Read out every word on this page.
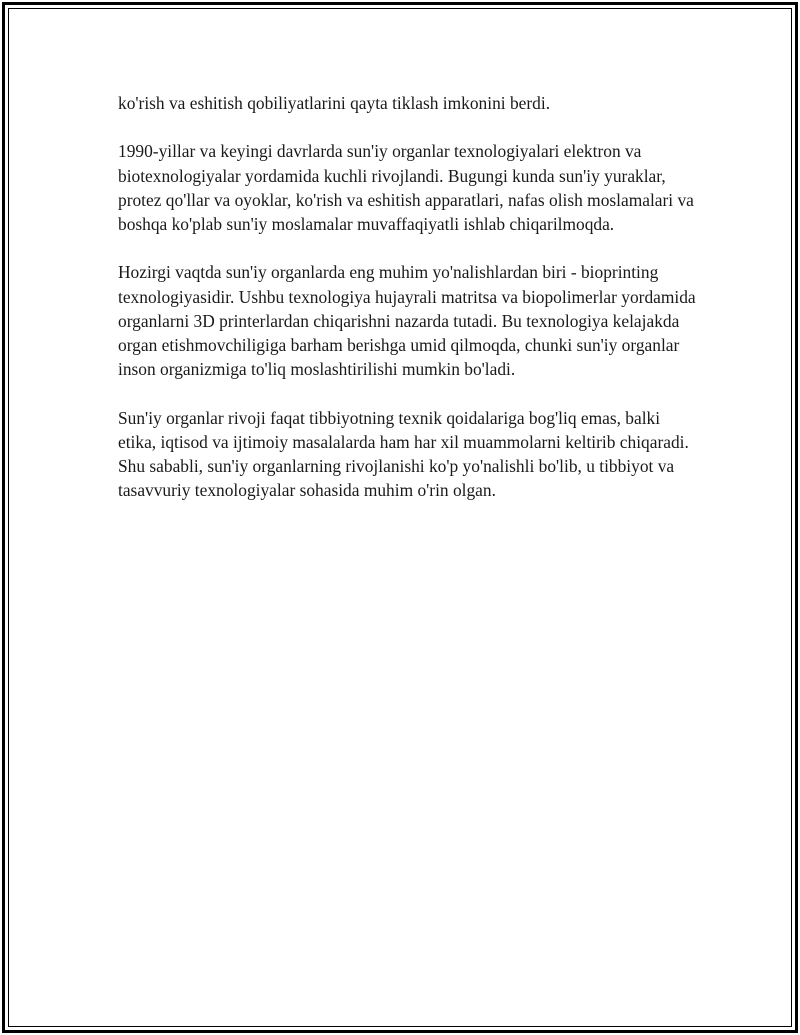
ko'rish va eshitish qobiliyatlarini qayta tiklash imkonini berdi.

1990-yillar va keyingi davrlarda sun'iy organlar texnologiyalari elektron va biotexnologiyalar yordamida kuchli rivojlandi. Bugungi kunda sun'iy yuraklar, protez qo'llar va oyoklar, ko'rish va eshitish apparatlari, nafas olish moslamalari va boshqa ko'plab sun'iy moslamalar muvaffaqiyatli ishlab chiqarilmoqda.

Hozirgi vaqtda sun'iy organlarda eng muhim yo'nalishlardan biri - bioprinting texnologiyasidir. Ushbu texnologiya hujayrali matritsa va biopolimerlar yordamida organlarni 3D printerlardan chiqarishni nazarda tutadi. Bu texnologiya kelajakda organ etishmovchiligiga barham berishga umid qilmoqda, chunki sun'iy organlar inson organizmiga to'liq moslashtirilishi mumkin bo'ladi.

Sun'iy organlar rivoji faqat tibbiyotning texnik qoidalariga bog'liq emas, balki etika, iqtisod va ijtimoiy masalalarda ham har xil muammolarni keltirib chiqaradi. Shu sababli, sun'iy organlarning rivojlanishi ko'p yo'nalishli bo'lib, u tibbiyot va tasavvuriy texnologiyalar sohasida muhim o'rin olgan.
